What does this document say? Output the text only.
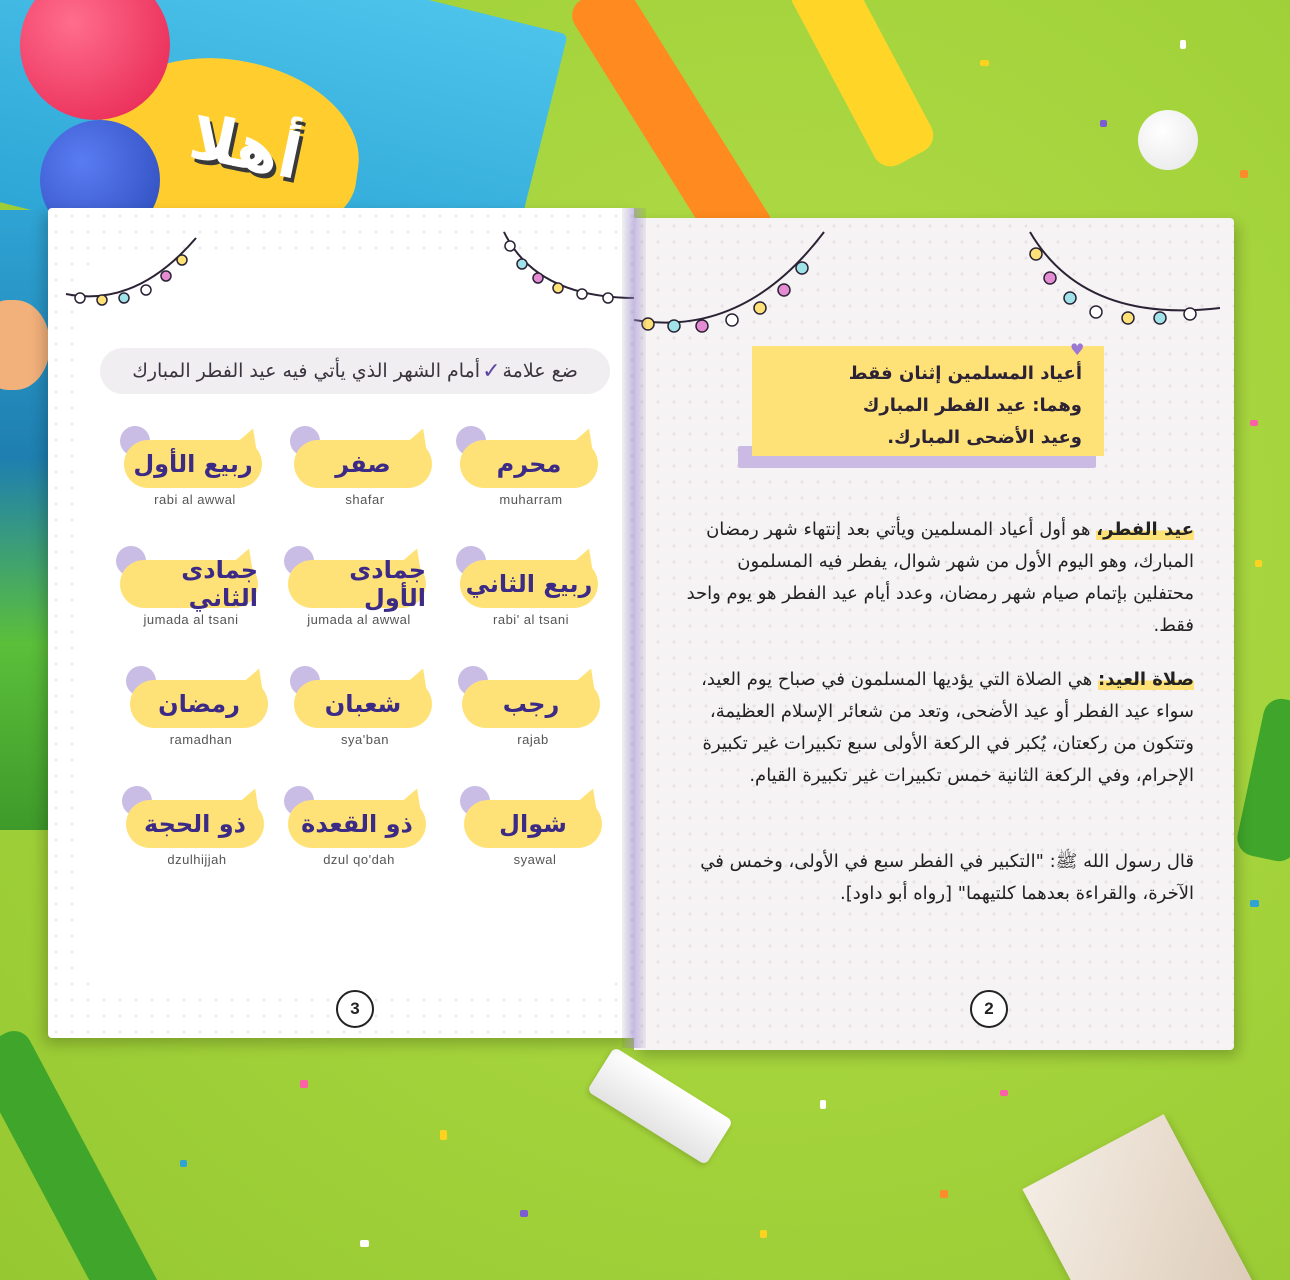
أهلا
ضع علامة
✓
أمام الشهر الذي يأتي فيه عيد الفطر المبارك
محرم
muharram
صفر
shafar
ربيع الأول
rabi al awwal
ربيع الثاني
rabi' al tsani
جمادى الأول
jumada al awwal
جمادى الثاني
jumada al tsani
رجب
rajab
شعبان
sya'ban
رمضان
ramadhan
شوال
syawal
ذو القعدة
dzul qo'dah
ذو الحجة
dzulhijjah
3
أعياد المسلمين إثنان فقط
وهما: عيد الفطر المبارك
وعيد الأضحى المبارك.
♥
عيد الفطر، هو أول أعياد المسلمين ويأتي بعد إنتهاء شهر رمضان المبارك، وهو اليوم الأول من شهر شوال، يفطر فيه المسلمون محتفلين بإتمام صيام شهر رمضان، وعدد أيام عيد الفطر هو يوم واحد فقط.
صلاة العيد: هي الصلاة التي يؤديها المسلمون في صباح يوم العيد، سواء عيد الفطر أو عيد الأضحى، وتعد من شعائر الإسلام العظيمة، وتتكون من ركعتان، يُكبر في الركعة الأولى سبع تكبيرات غير تكبيرة الإحرام، وفي الركعة الثانية خمس تكبيرات غير تكبيرة القيام.
قال رسول الله ﷺ: "التكبير في الفطر سبع في الأولى، وخمس في الآخرة، والقراءة بعدهما كلتيهما" [رواه أبو داود].
2
